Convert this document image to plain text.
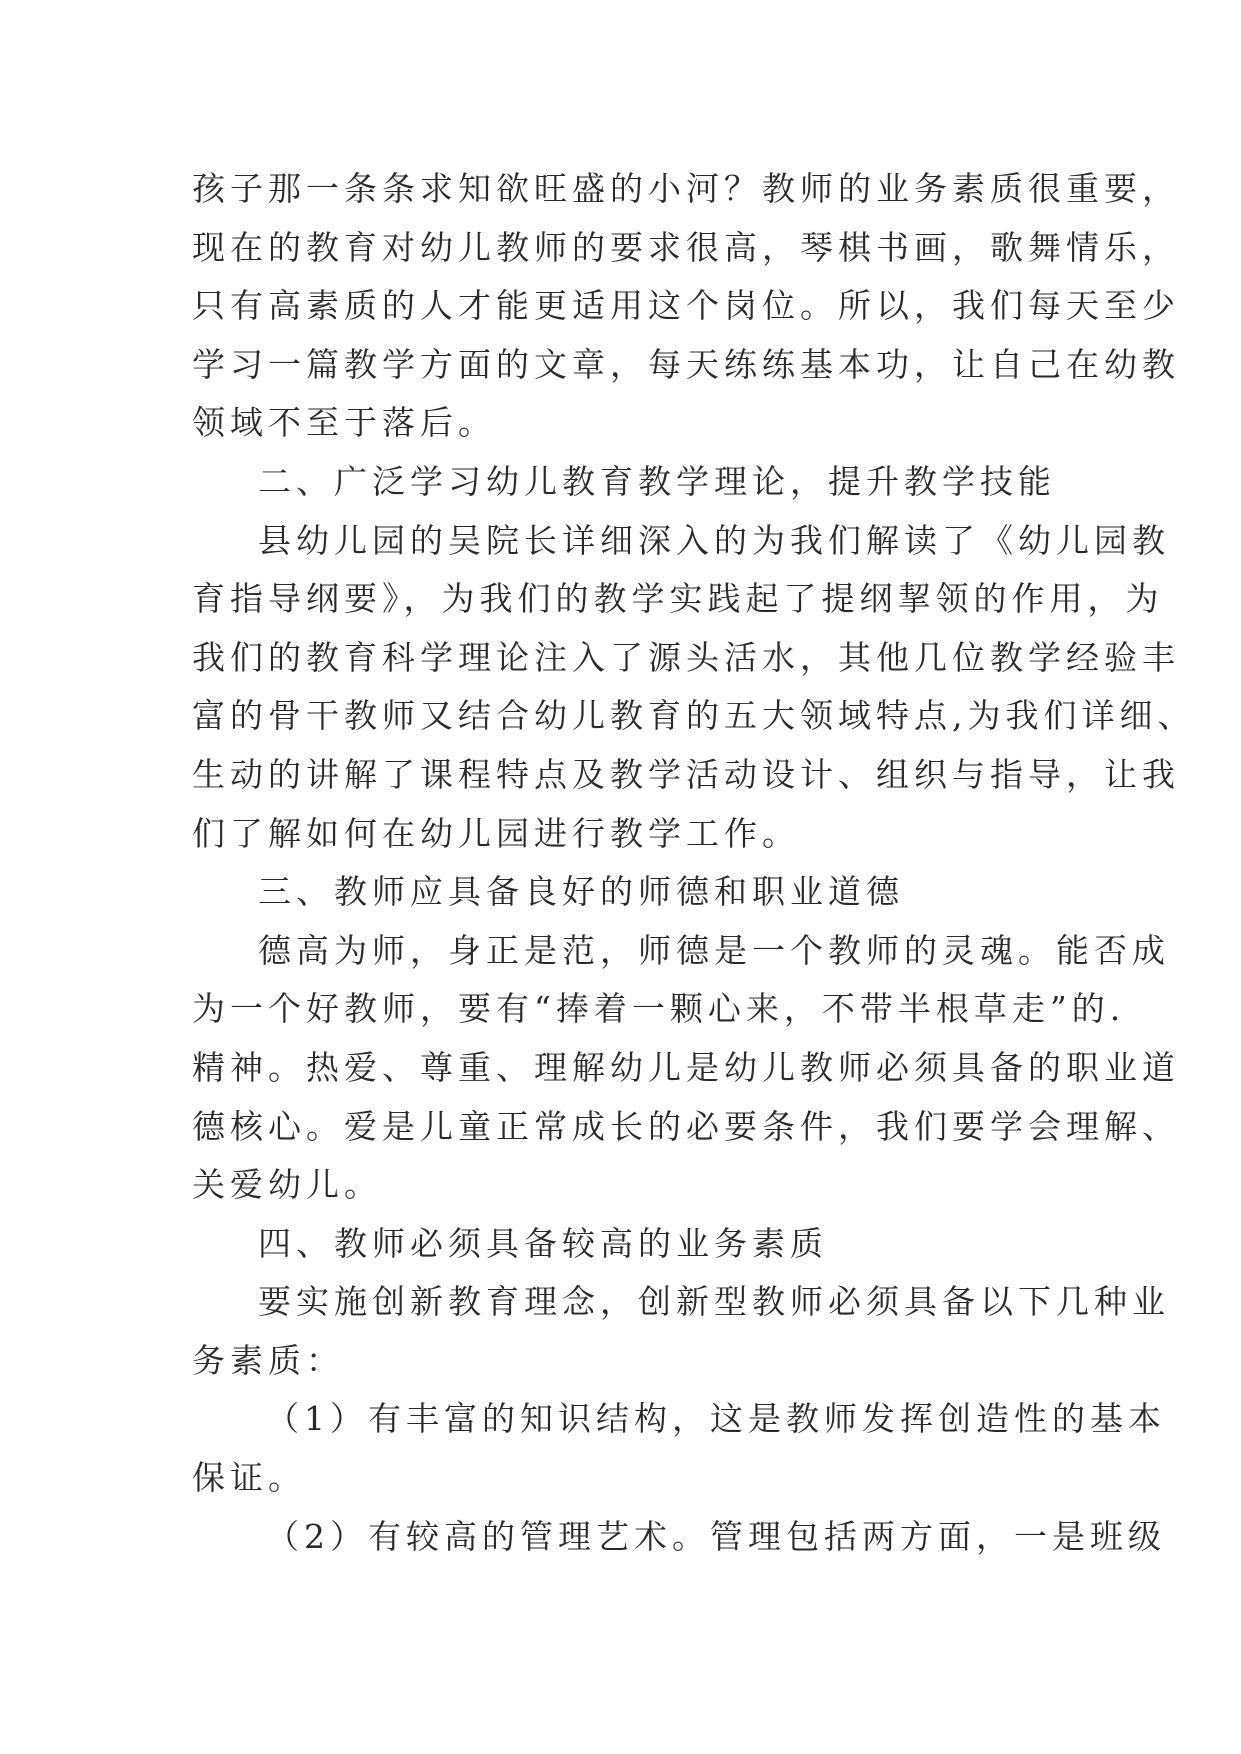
孩子那一条条求知欲旺盛的小河？教师的业务素质很重要，
现在的教育对幼儿教师的要求很高，琴棋书画，歌舞情乐，
只有高素质的人才能更适用这个岗位。所以，我们每天至少
学习一篇教学方面的文章，每天练练基本功，让自己在幼教
领域不至于落后。
二、广泛学习幼儿教育教学理论，提升教学技能
县幼儿园的吴院长详细深入的为我们解读了《幼儿园教
育指导纲要》，为我们的教学实践起了提纲挈领的作用，为
我们的教育科学理论注入了源头活水，其他几位教学经验丰
富的骨干教师又结合幼儿教育的五大领域特点,为我们详细、
生动的讲解了课程特点及教学活动设计、组织与指导，让我
们了解如何在幼儿园进行教学工作。
三、教师应具备良好的师德和职业道德
德高为师，身正是范，师德是一个教师的灵魂。能否成
为一个好教师，要有“捧着一颗心来，不带半根草走”的.
精神。热爱、尊重、理解幼儿是幼儿教师必须具备的职业道
德核心。爱是儿童正常成长的必要条件，我们要学会理解、
关爱幼儿。
四、教师必须具备较高的业务素质
要实施创新教育理念，创新型教师必须具备以下几种业
务素质：
（1）有丰富的知识结构，这是教师发挥创造性的基本
保证。
（2）有较高的管理艺术。管理包括两方面，一是班级
